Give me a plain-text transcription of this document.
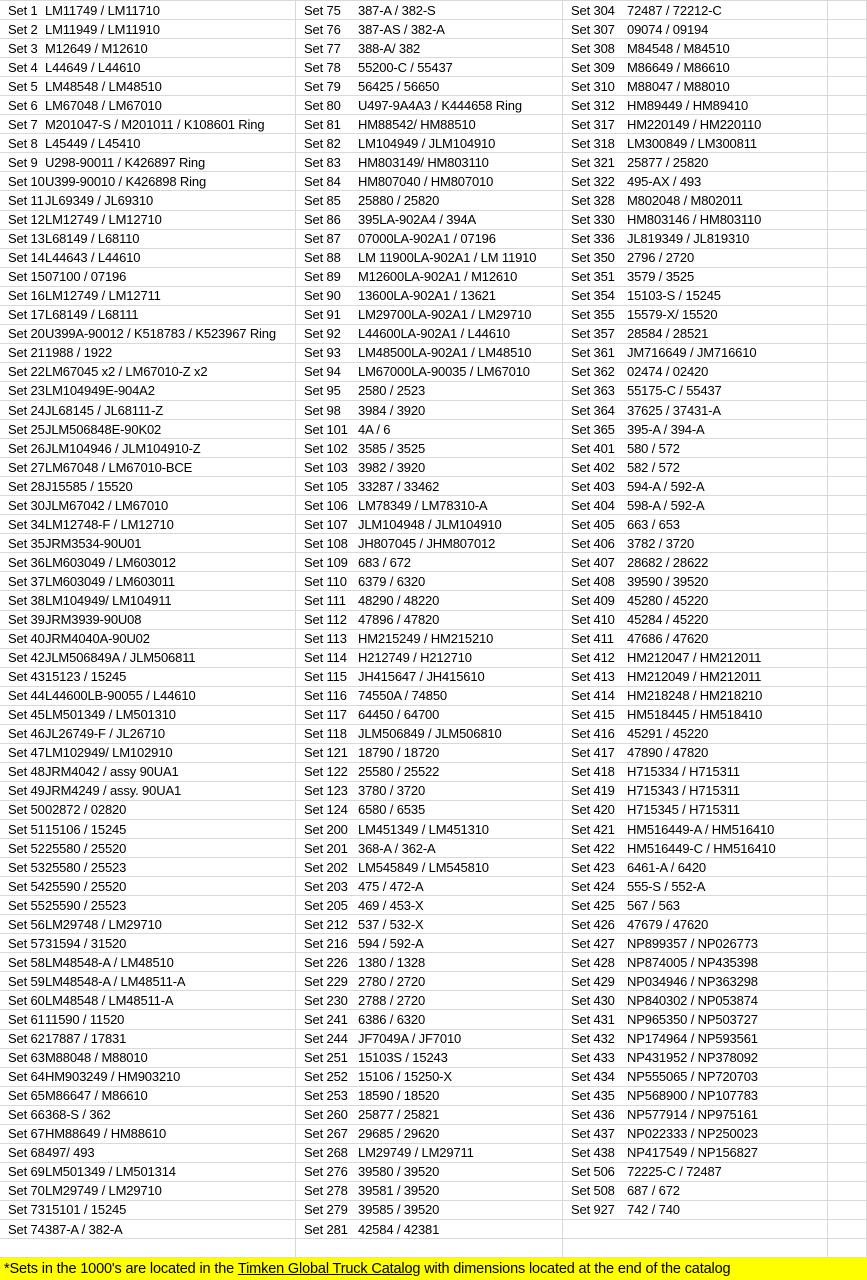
Set 1 LM11749 / LM11710	Set 75	387-A / 382-S	Set 304 72487 / 72212-C
Set 2 LM11949 / LM11910	Set 76	387-AS / 382-A	Set 307 09074 / 09194
Set 3 M12649 / M12610	Set 77	388-A/ 382	Set 308 M84548 / M84510
Set 4 L44649 / L44610	Set 78	55200-C / 55437	Set 309 M86649 / M86610
Set 5 LM48548 / LM48510	Set 79	56425 / 56650	Set 310 M88047 / M88010
Set 6 LM67048 / LM67010	Set 80	U497-9A4A3 / K444658 Ring	Set 312 HM89449 / HM89410
Set 7 M201047-S / M201011 / K108601 Ring	Set 81	HM88542/ HM88510	Set 317 HM220149 / HM220110
Set 8 L45449 / L45410	Set 82	LM104949 / JLM104910	Set 318 LM300849 / LM300811
Set 9 U298-90011 / K426897 Ring	Set 83	HM803149/ HM803110	Set 321 25877 / 25820
Set 10 U399-90010 / K426898 Ring	Set 84	HM807040 / HM807010	Set 322 495-AX / 493
Set 11 JL69349 / JL69310	Set 85	25880 / 25820	Set 328 M802048 / M802011
Set 12 LM12749 / LM12710	Set 86	395LA-902A4 / 394A	Set 330 HM803146 / HM803110
Set 13 L68149 / L68110	Set 87	07000LA-902A1 / 07196	Set 336 JL819349 / JL819310
Set 14 L44643 / L44610	Set 88	LM 11900LA-902A1 / LM 11910	Set 350 2796 / 2720
Set 15 07100 / 07196	Set 89	M12600LA-902A1 / M12610	Set 351 3579 / 3525
Set 16 LM12749 / LM12711	Set 90	13600LA-902A1 / 13621	Set 354 15103-S / 15245
Set 17 L68149 / L68111	Set 91	LM29700LA-902A1 / LM29710	Set 355 15579-X/ 15520
Set 20 U399A-90012 / K518783 / K523967 Ring Set 92	L44600LA-902A1 / L44610	Set 357 28584 / 28521
Set 21 1988 / 1922	Set 93	LM48500LA-902A1 / LM48510	Set 361 JM716649 / JM716610
Set 22 LM67045 x2 / LM67010-Z x2	Set 94	LM67000LA-90035 / LM67010	Set 362 02474 / 02420
Set 23 LM104949E-904A2	Set 95	2580 / 2523	Set 363 55175-C / 55437
Set 24 JL68145 / JL68111-Z	Set 98	3984 / 3920	Set 364 37625 / 37431-A
Set 25 JLM506848E-90K02	Set 101 4A / 6	Set 365 395-A / 394-A
Set 26 JLM104946 / JLM104910-Z	Set 102 3585 / 3525	Set 401 580 / 572
Set 27 LM67048 / LM67010-BCE	Set 103 3982 / 3920	Set 402 582 / 572
Set 28 J15585 / 15520	Set 105 33287 / 33462	Set 403 594-A / 592-A
Set 30 JLM67042 / LM67010	Set 106 LM78349 / LM78310-A	Set 404 598-A / 592-A
Set 34 LM12748-F / LM12710	Set 107 JLM104948 / JLM104910	Set 405 663 / 653
Set 35 JRM3534-90U01	Set 108 JH807045 / JHM807012	Set 406 3782 / 3720
Set 36 LM603049 / LM603012	Set 109 683 / 672	Set 407 28682 / 28622
Set 37 LM603049 / LM603011	Set 110 6379 / 6320	Set 408 39590 / 39520
Set 38 LM104949/ LM104911	Set 111 48290 / 48220	Set 409 45280 / 45220
Set 39 JRM3939-90U08	Set 112 47896 / 47820	Set 410 45284 / 45220
Set 40 JRM4040A-90U02	Set 113 HM215249 / HM215210	Set 411	47686 / 47620
Set 42 JLM506849A / JLM506811	Set 114 H212749 / H212710	Set 412 HM212047 / HM212011
Set 43 15123 / 15245	Set 115 JH415647 / JH415610	Set 413 HM212049 / HM212011
Set 44 L44600LB-90055 / L44610	Set 116 74550A / 74850	Set 414 HM218248 / HM218210
Set 45 LM501349 / LM501310	Set 117 64450 / 64700	Set 415 HM518445 / HM518410
Set 46 JL26749-F / JL26710	Set 118 JLM506849 / JLM506810	Set 416 45291 / 45220
Set 47 LM102949/ LM102910	Set 121 18790 / 18720	Set 417 47890 / 47820
Set 48 JRM4042 / assy 90UA1	Set 122 25580 / 25522	Set 418 H715334 / H715311
Set 49 JRM4249 / assy. 90UA1	Set 123 3780 / 3720	Set 419 H715343 / H715311
Set 50 02872 / 02820	Set 124 6580 / 6535	Set 420 H715345 / H715311
Set 51 15106 / 15245	Set 200 LM451349 / LM451310	Set 421 HM516449-A / HM516410
Set 52 25580 / 25520	Set 201 368-A / 362-A	Set 422 HM516449-C / HM516410
Set 53 25580 / 25523	Set 202 LM545849 / LM545810	Set 423 6461-A / 6420
Set 54 25590 / 25520	Set 203 475 / 472-A	Set 424 555-S / 552-A
Set 55 25590 / 25523	Set 205 469 / 453-X	Set 425 567 / 563
Set 56 LM29748 / LM29710	Set 212 537 / 532-X	Set 426 47679 / 47620
Set 57 31594 / 31520	Set 216 594 / 592-A	Set 427 NP899357 / NP026773
Set 58 LM48548-A / LM48510	Set 226 1380 / 1328	Set 428 NP874005 / NP435398
Set 59 LM48548-A / LM48511-A	Set 229 2780 / 2720	Set 429 NP034946 / NP363298
Set 60 LM48548 / LM48511-A	Set 230 2788 / 2720	Set 430 NP840302 / NP053874
Set 61 11590 / 11520	Set 241 6386 / 6320	Set 431 NP965350 / NP503727
Set 62 17887 / 17831	Set 244 JF7049A / JF7010	Set 432 NP174964 / NP593561
Set 63 M88048 / M88010	Set 251 15103S / 15243	Set 433 NP431952 / NP378092
Set 64 HM903249 / HM903210	Set 252 15106 / 15250-X	Set 434 NP555065 / NP720703
Set 65 M86647 / M86610	Set 253 18590 / 18520	Set 435 NP568900 / NP107783
Set 66 368-S / 362	Set 260 25877 / 25821	Set 436 NP577914 / NP975161
Set 67 HM88649 / HM88610	Set 267 29685 / 29620	Set 437 NP022333 / NP250023
Set 68 497/ 493	Set 268 LM29749 / LM29711	Set 438 NP417549 / NP156827
Set 69 LM501349 / LM501314	Set 276 39580 / 39520	Set 506 72225-C / 72487
Set 70 LM29749 / LM29710	Set 278 39581 / 39520	Set 508 687 / 672
Set 73 15101 / 15245	Set 279 39585 / 39520	Set 927 742 / 740
Set 74 387-A / 382-A	Set 281 42584 / 42381
*Sets in the 1000's are located in the Timken Global Truck Catalog with dimensions located at the end of the catalog
